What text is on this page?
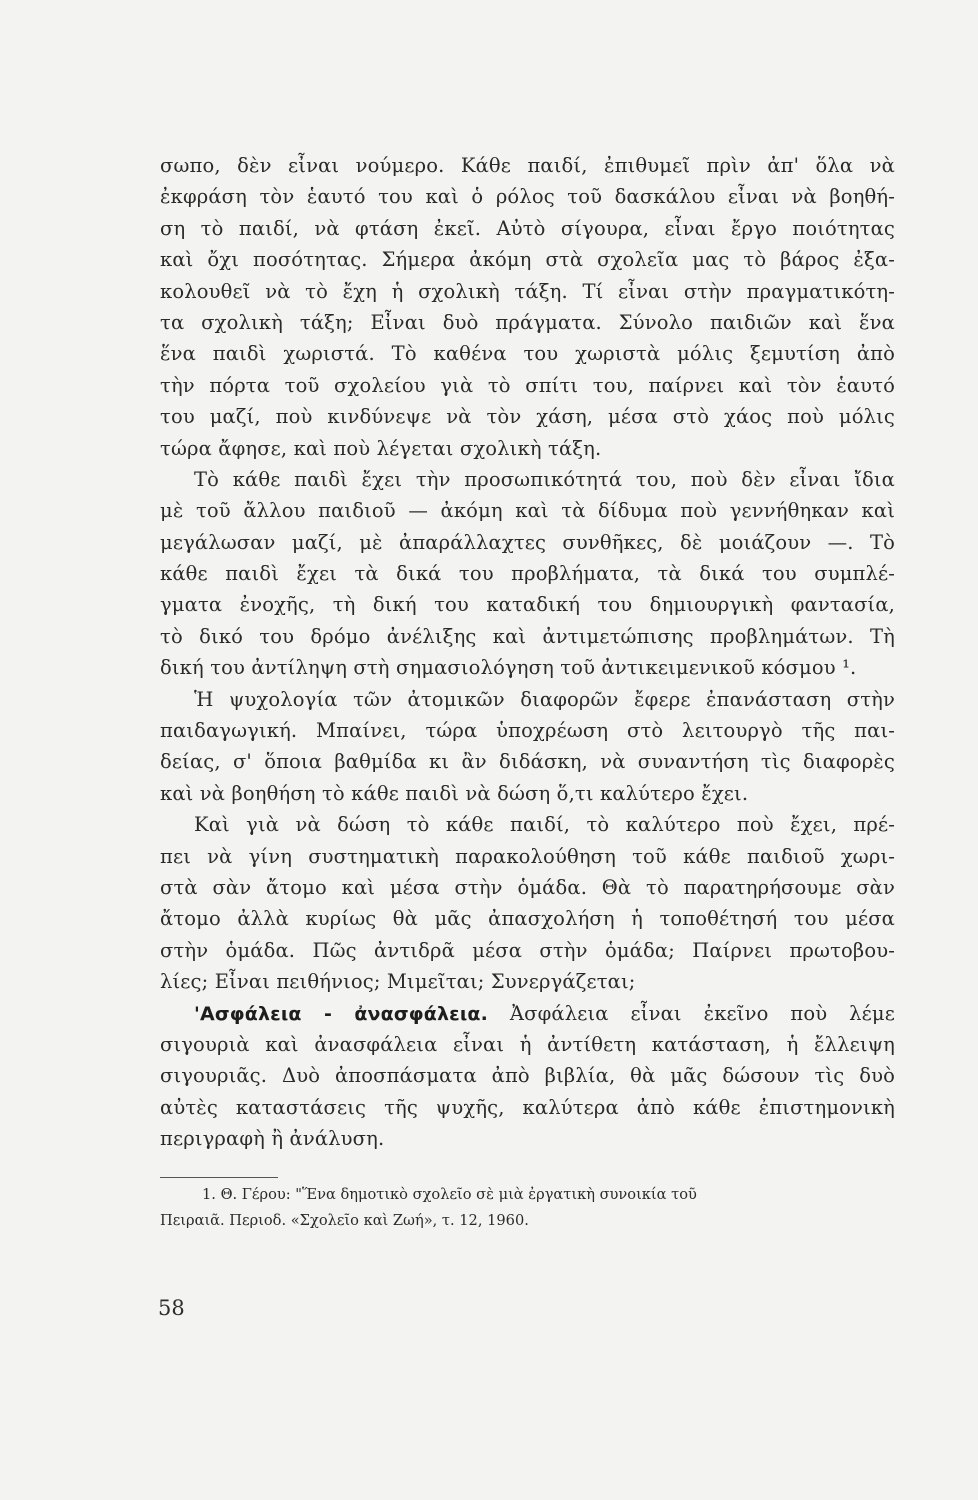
σωπο, δὲν εἶναι νούμερο. Κάθε παιδί, ἐπιθυμεῖ πρὶν ἀπ' ὅλα νὰ
ἐκφράση τὸν ἑαυτό του καὶ ὁ ρόλος τοῦ δασκάλου εἶναι νὰ βοηθή-
ση τὸ παιδί, νὰ φτάση ἐκεῖ. Αὐτὸ σίγουρα, εἶναι ἔργο ποιότητας
καὶ ὄχι ποσότητας. Σήμερα ἀκόμη στὰ σχολεῖα μας τὸ βάρος ἐξα-
κολουθεῖ νὰ τὸ ἔχη ἡ σχολικὴ τάξη. Τί εἶναι στὴν πραγματικότη-
τα σχολικὴ τάξη; Εἶναι δυὸ πράγματα. Σύνολο παιδιῶν καὶ ἕνα
ἕνα παιδὶ χωριστά. Τὸ καθένα του χωριστὰ μόλις ξεμυτίση ἀπὸ
τὴν πόρτα τοῦ σχολείου γιὰ τὸ σπίτι του, παίρνει καὶ τὸν ἑαυτό
του μαζί, ποὺ κινδύνεψε νὰ τὸν χάση, μέσα στὸ χάος ποὺ μόλις
τώρα ἄφησε, καὶ ποὺ λέγεται σχολικὴ τάξη.
Τὸ κάθε παιδὶ ἔχει τὴν προσωπικότητά του, ποὺ δὲν εἶναι ἴδια
μὲ τοῦ ἄλλου παιδιοῦ — ἀκόμη καὶ τὰ δίδυμα ποὺ γεννήθηκαν καὶ
μεγάλωσαν μαζί, μὲ ἀπαράλλαχτες συνθῆκες, δὲ μοιάζουν —. Τὸ
κάθε παιδὶ ἔχει τὰ δικά του προβλήματα, τὰ δικά του συμπλέ-
γματα ἐνοχῆς, τὴ δική του καταδική του δημιουργικὴ φαντασία,
τὸ δικό του δρόμο ἀνέλιξης καὶ ἀντιμετώπισης προβλημάτων. Τὴ
δική του ἀντίληψη στὴ σημασιολόγηση τοῦ ἀντικειμενικοῦ κόσμου ¹.
Ἡ ψυχολογία τῶν ἀτομικῶν διαφορῶν ἔφερε ἐπανάσταση στὴν
παιδαγωγική. Μπαίνει, τώρα ὑποχρέωση στὸ λειτουργὸ τῆς παι-
δείας, σ' ὅποια βαθμίδα κι ἂν διδάσκη, νὰ συναντήση τὶς διαφορὲς
καὶ νὰ βοηθήση τὸ κάθε παιδὶ νὰ δώση ὅ,τι καλύτερο ἔχει.
Καὶ γιὰ νὰ δώση τὸ κάθε παιδί, τὸ καλύτερο ποὺ ἔχει, πρέ-
πει νὰ γίνη συστηματικὴ παρακολούθηση τοῦ κάθε παιδιοῦ χωρι-
στὰ σὰν ἄτομο καὶ μέσα στὴν ὁμάδα. Θὰ τὸ παρατηρήσουμε σὰν
ἄτομο ἀλλὰ κυρίως θὰ μᾶς ἀπασχολήση ἡ τοποθέτησή του μέσα
στὴν ὁμάδα. Πῶς ἀντιδρᾶ μέσα στὴν ὁμάδα; Παίρνει πρωτοβου-
λίες; Εἶναι πειθήνιος; Μιμεῖται; Συνεργάζεται;
'Ασφάλεια - ἀνασφάλεια. Ἀσφάλεια εἶναι ἐκεῖνο ποὺ λέμε
σιγουριὰ καὶ ἀνασφάλεια εἶναι ἡ ἀντίθετη κατάσταση, ἡ ἔλλειψη
σιγουριᾶς. Δυὸ ἀποσπάσματα ἀπὸ βιβλία, θὰ μᾶς δώσουν τὶς δυὸ
αὐτὲς καταστάσεις τῆς ψυχῆς, καλύτερα ἀπὸ κάθε ἐπιστημονικὴ
περιγραφὴ ἢ ἀνάλυση.
1. Θ. Γέρου: "Ἕνα δημοτικὸ σχολεῖο σὲ μιὰ ἐργατικὴ συνοικία τοῦ
Πειραιᾶ. Περιοδ. «Σχολεῖο καὶ Ζωή», τ. 12, 1960.
58
